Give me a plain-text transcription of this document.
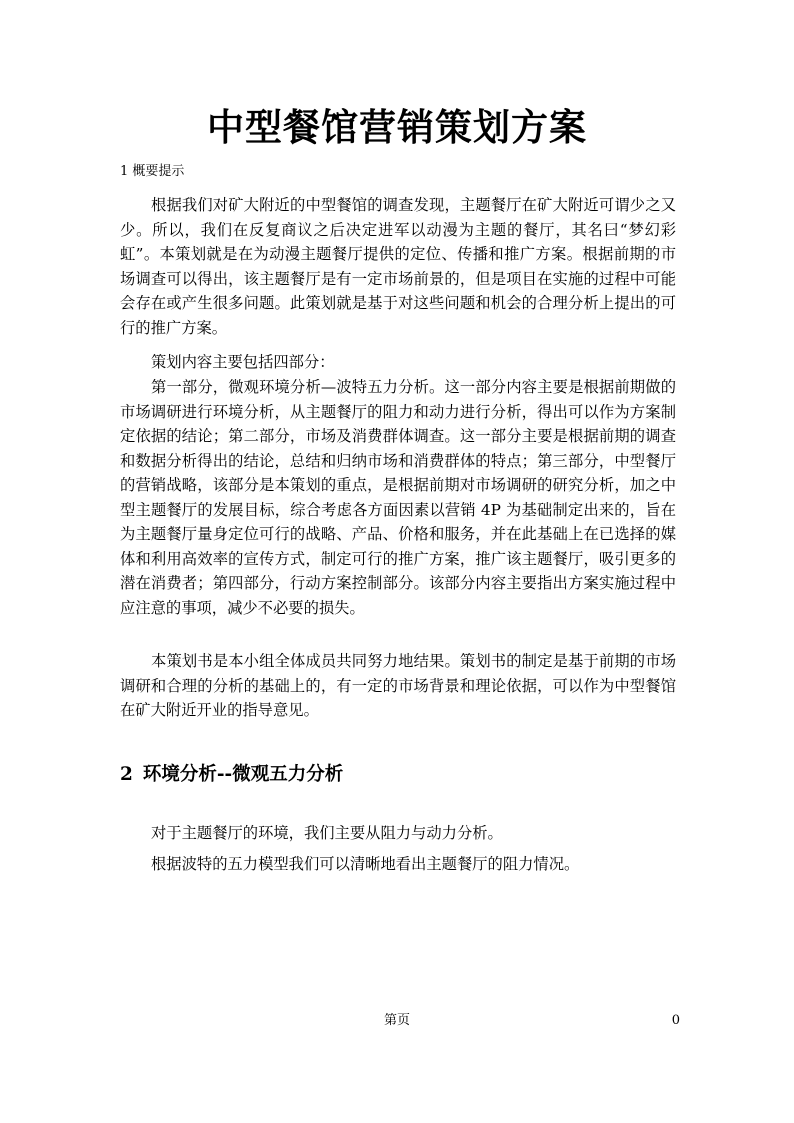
中型餐馆营销策划方案
1 概要提示

根据我们对矿大附近的中型餐馆的调查发现，主题餐厅在矿大附近可谓少之又少。所以，我们在反复商议之后决定进军以动漫为主题的餐厅，其名曰“梦幻彩虹”。本策划就是在为动漫主题餐厅提供的定位、传播和推广方案。根据前期的市场调查可以得出，该主题餐厅是有一定市场前景的，但是项目在实施的过程中可能会存在或产生很多问题。此策划就是基于对这些问题和机会的合理分析上提出的可行的推广方案。

策划内容主要包括四部分：

第一部分，微观环境分析—波特五力分析。这一部分内容主要是根据前期做的市场调研进行环境分析，从主题餐厅的阻力和动力进行分析，得出可以作为方案制定依据的结论；第二部分，市场及消费群体调查。这一部分主要是根据前期的调查和数据分析得出的结论，总结和归纳市场和消费群体的特点；第三部分，中型餐厅的营销战略，该部分是本策划的重点，是根据前期对市场调研的研究分析，加之中型主题餐厅的发展目标，综合考虑各方面因素以营销 4P 为基础制定出来的，旨在为主题餐厅量身定位可行的战略、产品、价格和服务，并在此基础上在已选择的媒体和利用高效率的宣传方式，制定可行的推广方案，推广该主题餐厅，吸引更多的潜在消费者；第四部分，行动方案控制部分。该部分内容主要指出方案实施过程中应注意的事项，减少不必要的损失。

本策划书是本小组全体成员共同努力地结果。策划书的制定是基于前期的市场调研和合理的分析的基础上的，有一定的市场背景和理论依据，可以作为中型餐馆在矿大附近开业的指导意见。

2 环境分析--微观五力分析

对于主题餐厅的环境，我们主要从阻力与动力分析。

根据波特的五力模型我们可以清晰地看出主题餐厅的阻力情况。

第页	0
